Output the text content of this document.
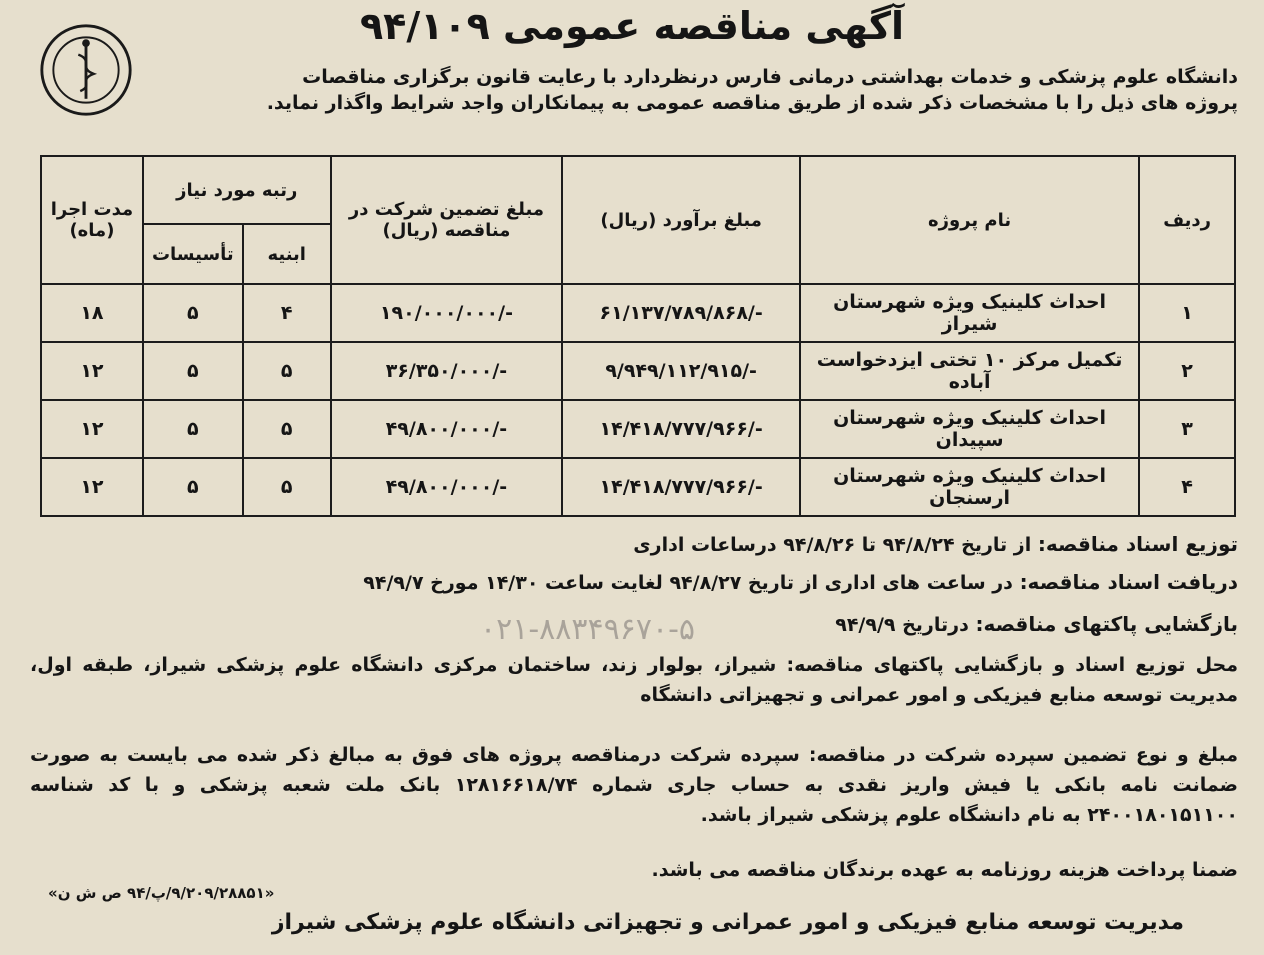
آگهی مناقصه عمومی ۹۴/۱۰۹
دانشگاه علوم پزشکی و خدمات بهداشتی درمانی فارس درنظردارد با رعایت قانون برگزاری مناقصات
پروژه های ذیل را با مشخصات ذکر شده از طریق مناقصه عمومی به پیمانکاران واجد شرایط واگذار نماید.
ردیف	نام پروژه	مبلغ برآورد (ریال)	مبلغ تضمین شرکت در مناقصه (ریال)	رتبه مورد نیاز		مدت اجرا (ماه)
				ابنیه	تأسیسات	
۱	احداث کلینیک ویژه شهرستان شیراز	۶۱/۱۳۷/۷۸۹/۸۶۸/-	۱۹۰/۰۰۰/۰۰۰/-	۴	۵	۱۸
۲	تکمیل مرکز ۱۰ تختی ایزدخواست آباده	۹/۹۴۹/۱۱۲/۹۱۵/-	۳۶/۳۵۰/۰۰۰/-	۵	۵	۱۲
۳	احداث کلینیک ویژه شهرستان سپیدان	۱۴/۴۱۸/۷۷۷/۹۶۶/-	۴۹/۸۰۰/۰۰۰/-	۵	۵	۱۲
۴	احداث کلینیک ویژه شهرستان ارسنجان	۱۴/۴۱۸/۷۷۷/۹۶۶/-	۴۹/۸۰۰/۰۰۰/-	۵	۵	۱۲
توزیع اسناد مناقصه: از تاریخ ۹۴/۸/۲۴ تا ۹۴/۸/۲۶ درساعات اداری
دریافت اسناد مناقصه: در ساعت های اداری از تاریخ ۹۴/۸/۲۷ لغایت ساعت ۱۴/۳۰ مورخ ۹۴/۹/۷
بازگشایی پاکتهای مناقصه: درتاریخ ۹۴/۹/۹
۰۲۱-۸۸۳۴۹۶۷۰-۵
محل توزیع اسناد و بازگشایی پاکتهای مناقصه: شیراز، بولوار زند، ساختمان مرکزی دانشگاه علوم پزشکی شیراز، طبقه اول، مدیریت توسعه منابع فیزیکی و امور عمرانی و تجهیزاتی دانشگاه
مبلغ و نوع تضمین سپرده شرکت در مناقصه: سپرده شرکت درمناقصه پروژه های فوق به مبالغ ذکر شده می بایست به صورت ضمانت نامه بانکی یا فیش واریز نقدی به حساب جاری شماره ۱۲۸۱۶۶۱۸/۷۴ بانک ملت شعبه پزشکی و با کد شناسه ۲۴۰۰۱۸۰۱۵۱۱۰۰ به نام دانشگاه علوم پزشکی شیراز باشد.
ضمنا پرداخت هزینه روزنامه به عهده برندگان مناقصه می باشد.
«۹/۲۰۹/۲۸۸۵۱/پ/۹۴ ص ش ن»
مدیریت توسعه منابع فیزیکی و امور عمرانی و تجهیزاتی دانشگاه علوم پزشکی شیراز
